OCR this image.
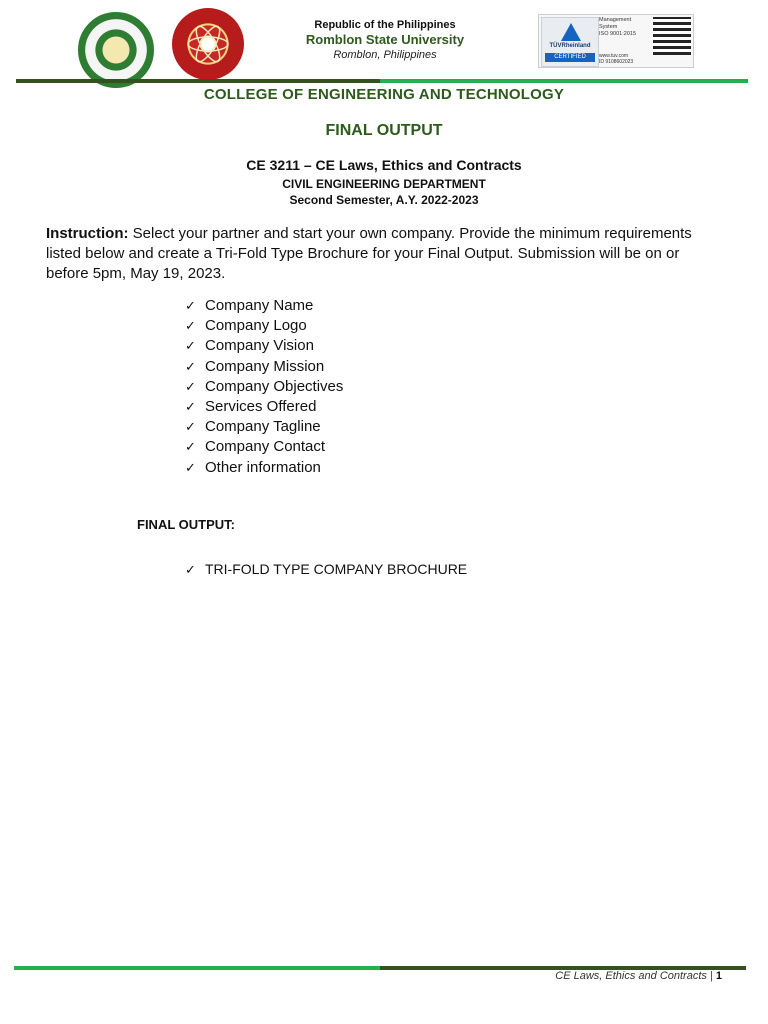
Republic of the Philippines
Romblon State University
Romblon, Philippines
TÜVRheinland
CERTIFIED
Management
System
ISO 9001:2015
www.tuv.com
ID 9108602023
COLLEGE OF ENGINEERING AND TECHNOLOGY
FINAL OUTPUT
CE 3211 – CE Laws, Ethics and Contracts
CIVIL ENGINEERING DEPARTMENT
Second Semester, A.Y. 2022-2023
Instruction: Select your partner and start your own company. Provide the minimum requirements listed below and create a Tri-Fold Type Brochure for your Final Output. Submission will be on or before 5pm, May 19, 2023.
✓ Company Name
✓ Company Logo
✓ Company Vision
✓ Company Mission
✓ Company Objectives
✓ Services Offered
✓ Company Tagline
✓ Company Contact
✓ Other information
FINAL OUTPUT:
✓ TRI-FOLD TYPE COMPANY BROCHURE
CE Laws, Ethics and Contracts | 1
